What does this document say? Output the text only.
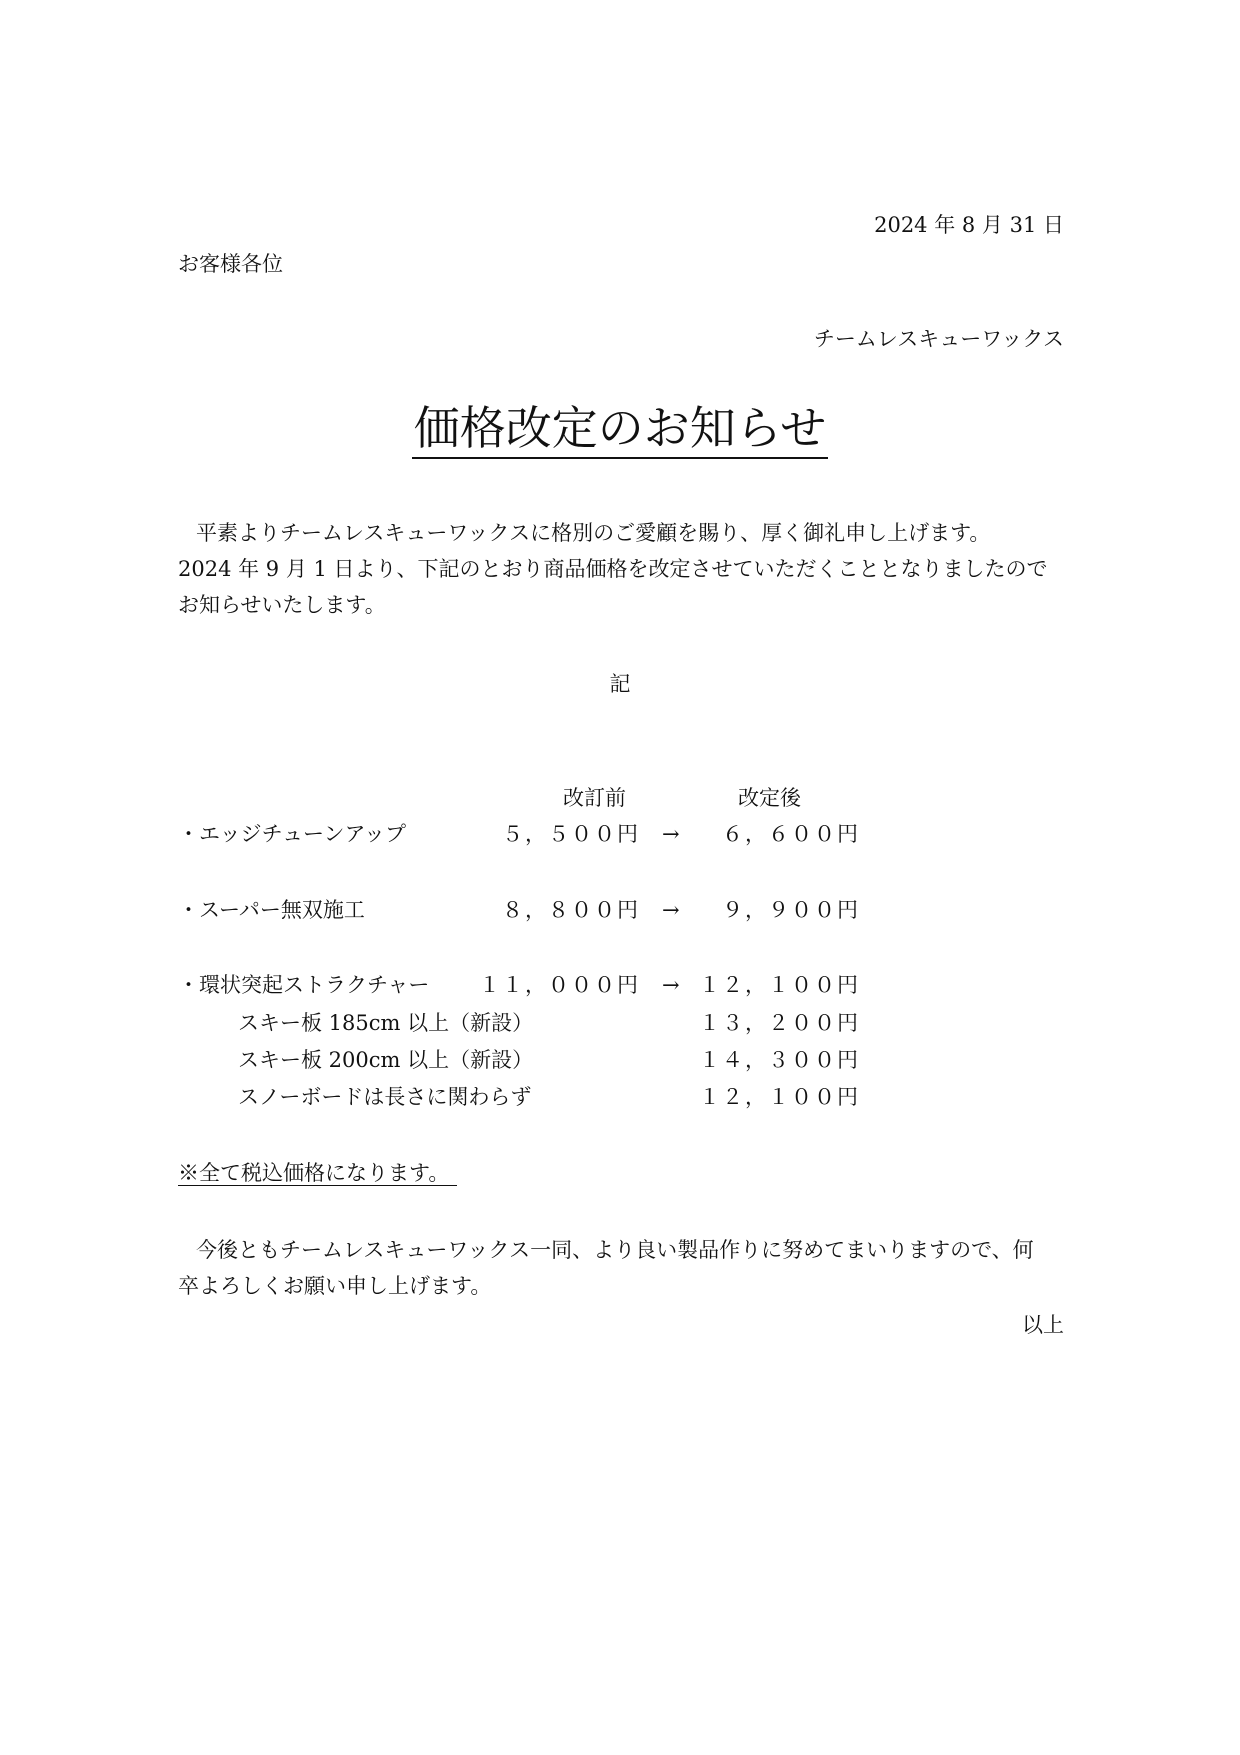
2024 年 8 月 31 日
お客様各位
チームレスキューワックス
価格改定のお知らせ
平素よりチームレスキューワックスに格別のご愛顧を賜り、厚く御礼申し上げます。
2024 年 9 月 1 日より、下記のとおり商品価格を改定させていただくこととなりましたので
お知らせいたします。
記
改訂前	改定後
・エッジチューンアップ	５，５００円 →	６，６００円
・スーパー無双施工	８，８００円 →	９，９００円
・環状突起ストラクチャー	１１，０００円 → １２，１００円
スキー板 185cm 以上（新設）	１３，２００円
スキー板 200cm 以上（新設）	１４，３００円
スノーボードは長さに関わらず	１２，１００円
※全て税込価格になります。
今後ともチームレスキューワックス一同、より良い製品作りに努めてまいりますので、何
卒よろしくお願い申し上げます。
以上
